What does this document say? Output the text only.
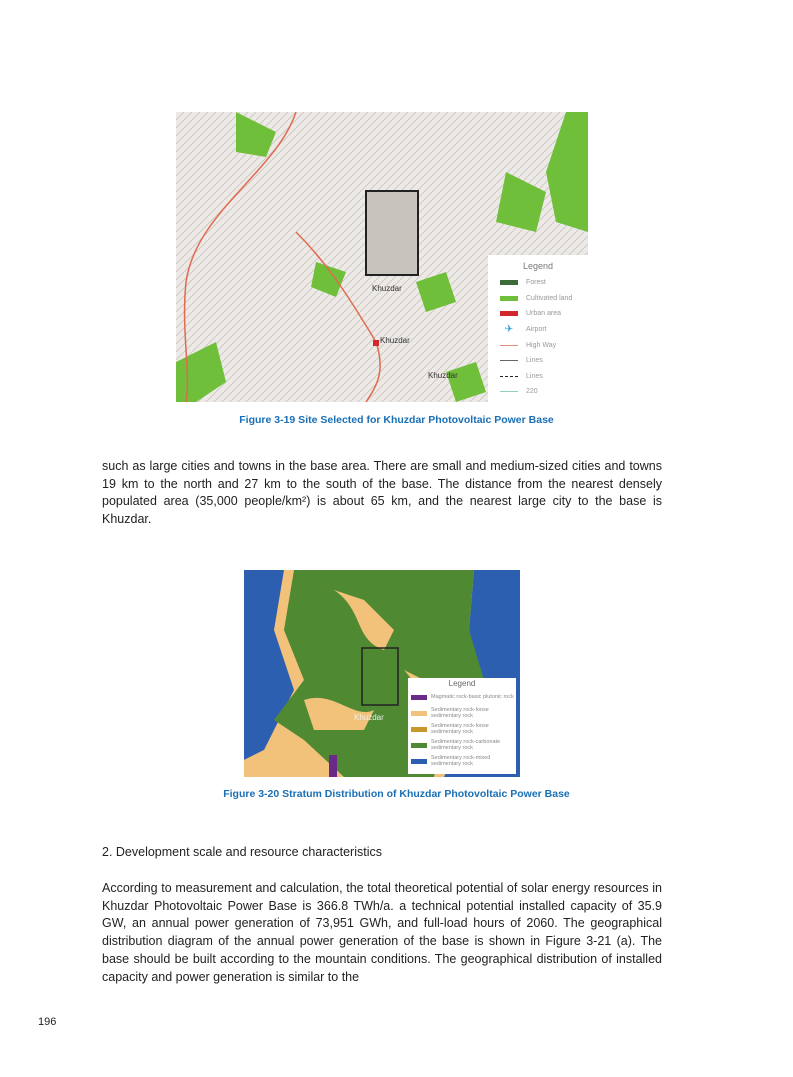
Khuzdar
Khuzdar
Khuzdar
Legend
Forest
Cultivated land
Urban area
✈	Airport
High Way
Lines
Lines
220
Figure 3-19 Site Selected for Khuzdar Photovoltaic Power Base
such as large cities and towns in the base area. There are small and medium-sized cities and towns 19 km to the north and 27 km to the south of the base. The distance from the nearest densely populated area (35,000 people/km²) is about 65 km, and the nearest large city to the base is Khuzdar.
Khuzdar
Legend
Magmatic rock-basic plutonic rock
Sedimentary rock-loose sedimentary rock
Sedimentary rock-loose sedimentary rock
Sedimentary rock-carbonate sedimentary rock
Sedimentary rock-mixed sedimentary rock
Figure 3-20 Stratum Distribution of Khuzdar Photovoltaic Power Base
2. Development scale and resource characteristics
According to measurement and calculation, the total theoretical potential of solar energy resources in Khuzdar Photovoltaic Power Base is 366.8 TWh/a. a technical potential installed capacity of 35.9 GW, an annual power generation of 73,951 GWh, and full-load hours of 2060. The geographical distribution diagram of the annual power generation of the base is shown in Figure 3-21 (a). The base should be built according to the mountain conditions. The geographical distribution of installed capacity and power generation is similar to the
196
